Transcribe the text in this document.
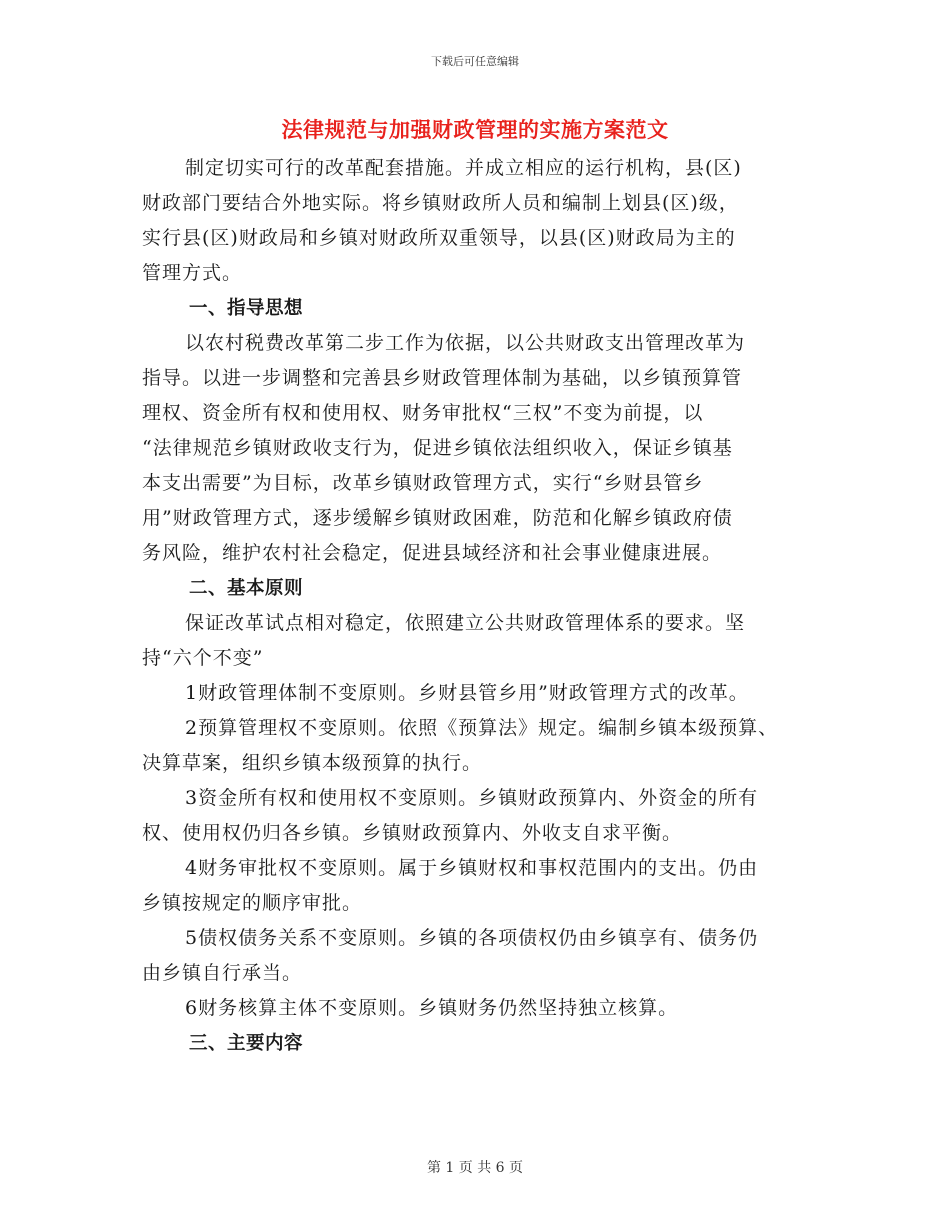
下载后可任意编辑
法律规范与加强财政管理的实施方案范文
制定切实可行的改革配套措施。并成立相应的运行机构，县(区)
财政部门要结合外地实际。将乡镇财政所人员和编制上划县(区)级，
实行县(区)财政局和乡镇对财政所双重领导，以县(区)财政局为主的
管理方式。
一、指导思想
以农村税费改革第二步工作为依据，以公共财政支出管理改革为
指导。以进一步调整和完善县乡财政管理体制为基础，以乡镇预算管
理权、资金所有权和使用权、财务审批权“三权”不变为前提，以
“法律规范乡镇财政收支行为，促进乡镇依法组织收入，保证乡镇基
本支出需要”为目标，改革乡镇财政管理方式，实行“乡财县管乡
用”财政管理方式，逐步缓解乡镇财政困难，防范和化解乡镇政府债
务风险，维护农村社会稳定，促进县域经济和社会事业健康进展。
二、基本原则
保证改革试点相对稳定，依照建立公共财政管理体系的要求。坚
持“六个不变”
1财政管理体制不变原则。乡财县管乡用”财政管理方式的改革。
2预算管理权不变原则。依照《预算法》规定。编制乡镇本级预算、
决算草案，组织乡镇本级预算的执行。
3资金所有权和使用权不变原则。乡镇财政预算内、外资金的所有
权、使用权仍归各乡镇。乡镇财政预算内、外收支自求平衡。
4财务审批权不变原则。属于乡镇财权和事权范围内的支出。仍由
乡镇按规定的顺序审批。
5债权债务关系不变原则。乡镇的各项债权仍由乡镇享有、债务仍
由乡镇自行承当。
6财务核算主体不变原则。乡镇财务仍然坚持独立核算。
三、主要内容
第 1 页 共 6 页
